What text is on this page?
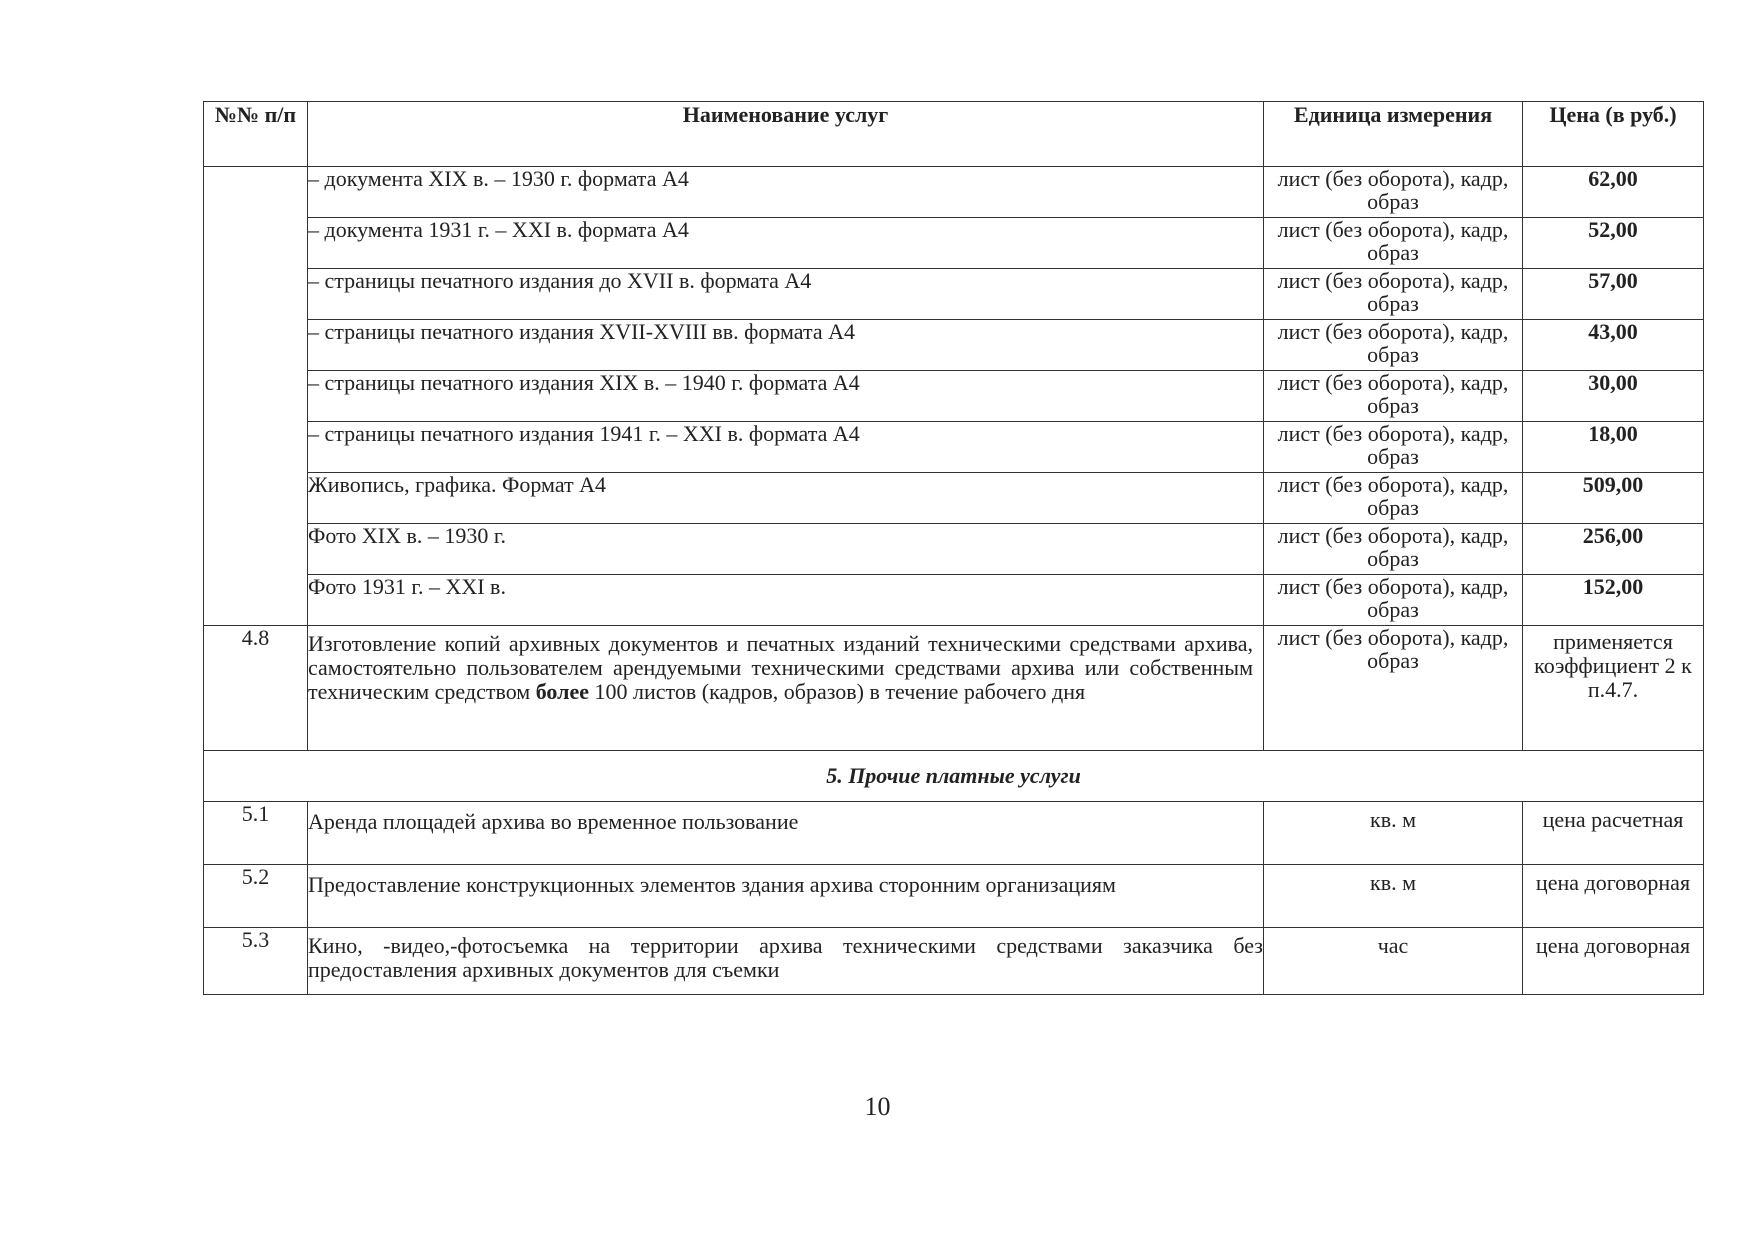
№№ п/п	Наименование услуг	Единица измерения	Цена (в руб.)
	– документа XIX в. – 1930 г. формата А4	лист (без оборота), кадр, образ	62,00
	– документа 1931 г. – XXI в. формата А4	лист (без оборота), кадр, образ	52,00
	– страницы печатного издания до XVII в. формата А4	лист (без оборота), кадр, образ	57,00
	– страницы печатного издания XVII-XVIII вв. формата А4	лист (без оборота), кадр, образ	43,00
	– страницы печатного издания XIX в. – 1940 г. формата А4	лист (без оборота), кадр, образ	30,00
	– страницы печатного издания 1941 г. – XXI в. формата А4	лист (без оборота), кадр, образ	18,00
	Живопись, графика. Формат А4	лист (без оборота), кадр, образ	509,00
	Фото XIX в. – 1930 г.	лист (без оборота), кадр, образ	256,00
	Фото 1931 г. – XXI в.	лист (без оборота), кадр, образ	152,00
4.8	Изготовление копий архивных документов и печатных изданий техническими средствами архива, самостоятельно пользователем арендуемыми техническими средствами архива или собственным техническим средством более 100 листов (кадров, образов) в течение рабочего дня	лист (без оборота), кадр, образ	применяется коэффициент 2 к п.4.7.
5. Прочие платные услуги			
5.1	Аренда площадей архива во временное пользование	кв. м	цена расчетная
5.2	Предоставление конструкционных элементов здания архива сторонним организациям	кв. м	цена договорная
5.3	Кино, -видео,-фотосъемка на территории архива техническими средствами заказчика без предоставления архивных документов для съемки	час	цена договорная
10
